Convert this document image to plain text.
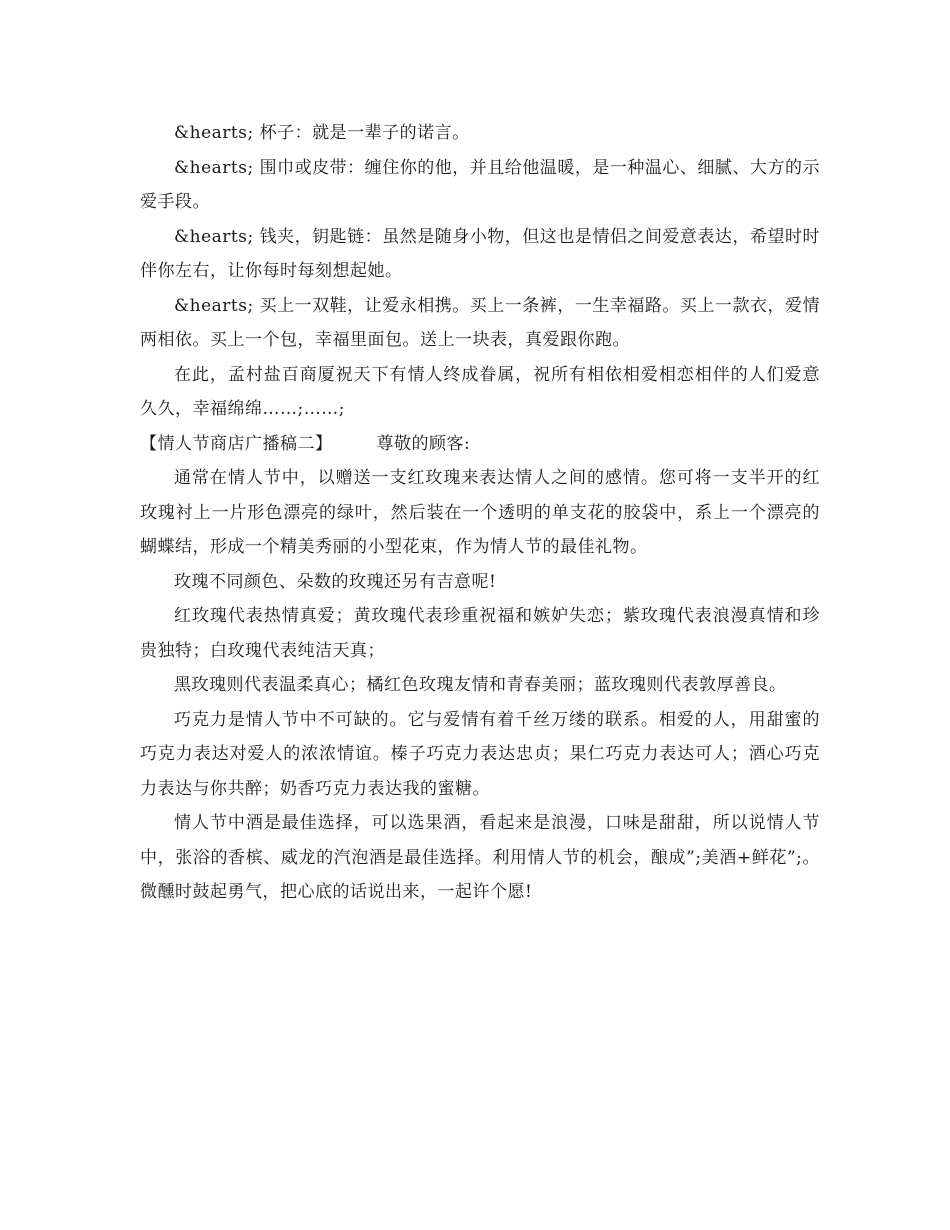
&hearts; 杯子：就是一辈子的诺言。

&hearts; 围巾或皮带：缠住你的他，并且给他温暖，是一种温心、细腻、大方的示爱手段。

&hearts; 钱夹，钥匙链：虽然是随身小物，但这也是情侣之间爱意表达，希望时时伴你左右，让你每时每刻想起她。

&hearts; 买上一双鞋，让爱永相携。买上一条裤，一生幸福路。买上一款衣，爱情两相依。买上一个包，幸福里面包。送上一块表，真爱跟你跑。

在此，孟村盐百商厦祝天下有情人终成眷属，祝所有相依相爱相恋相伴的人们爱意久久，幸福绵绵……;……;

【情人节商店广播稿二】	尊敬的顾客:

通常在情人节中，以赠送一支红玫瑰来表达情人之间的感情。您可将一支半开的红玫瑰衬上一片形色漂亮的绿叶，然后装在一个透明的单支花的胶袋中，系上一个漂亮的蝴蝶结，形成一个精美秀丽的小型花束，作为情人节的最佳礼物。

玫瑰不同颜色、朵数的玫瑰还另有吉意呢!

红玫瑰代表热情真爱；黄玫瑰代表珍重祝福和嫉妒失恋；紫玫瑰代表浪漫真情和珍贵独特；白玫瑰代表纯洁天真；

黑玫瑰则代表温柔真心；橘红色玫瑰友情和青春美丽；蓝玫瑰则代表敦厚善良。

巧克力是情人节中不可缺的。它与爱情有着千丝万缕的联系。相爱的人，用甜蜜的巧克力表达对爱人的浓浓情谊。榛子巧克力表达忠贞；果仁巧克力表达可人；酒心巧克力表达与你共醉；奶香巧克力表达我的蜜糖。

情人节中酒是最佳选择，可以选果酒，看起来是浪漫，口味是甜甜，所以说情人节中，张浴的香槟、威龙的汽泡酒是最佳选择。利用情人节的机会，酿成”;美酒+鲜花”;。微醺时鼓起勇气，把心底的话说出来，一起许个愿!
